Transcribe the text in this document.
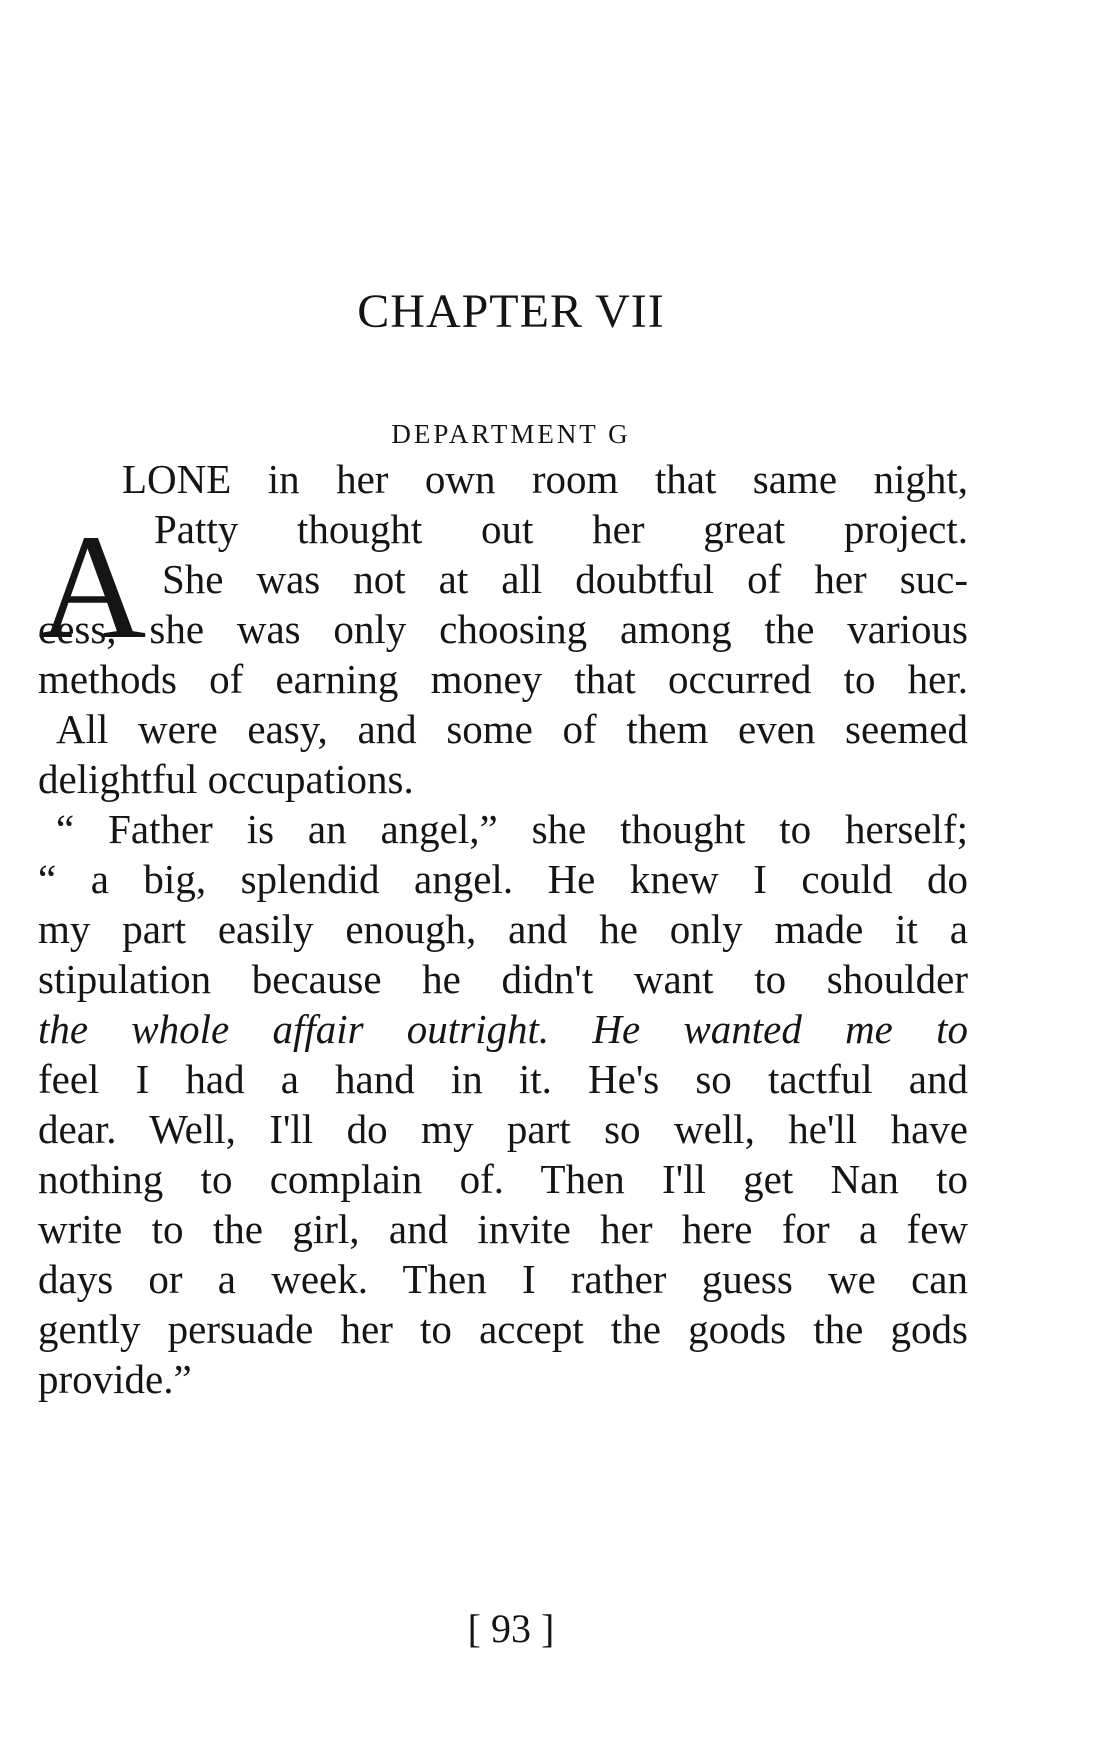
CHAPTER VII
DEPARTMENT G
A
LONE in her own room that same night,
Patty thought out her great project.
She was not at all doubtful of her suc-
cess, she was only choosing among the various
methods of earning money that occurred to her.
All were easy, and some of them even seemed
delightful occupations.
“ Father is an angel,” she thought to herself;
“ a big, splendid angel. He knew I could do
my part easily enough, and he only made it a
stipulation because he didn't want to shoulder
the whole affair outright. He wanted me to
feel I had a hand in it. He's so tactful and
dear. Well, I'll do my part so well, he'll have
nothing to complain of. Then I'll get Nan to
write to the girl, and invite her here for a few
days or a week. Then I rather guess we can
gently persuade her to accept the goods the gods
provide.”
[ 93 ]
